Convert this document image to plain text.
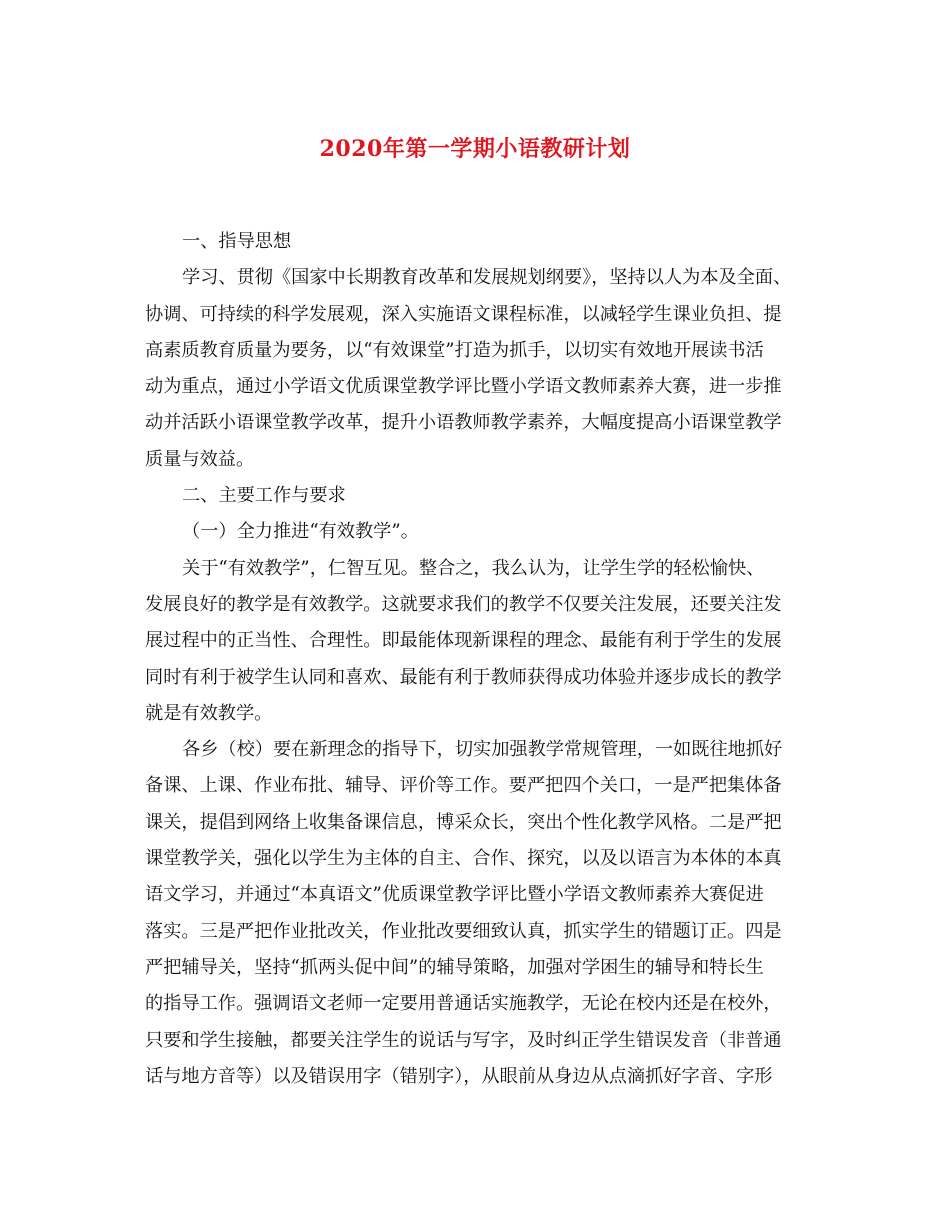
2020年第一学期小语教研计划
一、指导思想
学习、贯彻《国家中长期教育改革和发展规划纲要》，坚持以人为本及全面、
协调、可持续的科学发展观，深入实施语文课程标准，以减轻学生课业负担、提
高素质教育质量为要务，以“有效课堂”打造为抓手，以切实有效地开展读书活
动为重点，通过小学语文优质课堂教学评比暨小学语文教师素养大赛，进一步推
动并活跃小语课堂教学改革，提升小语教师教学素养，大幅度提高小语课堂教学
质量与效益。
二、主要工作与要求
（一）全力推进“有效教学”。
关于“有效教学”，仁智互见。整合之，我么认为，让学生学的轻松愉快、
发展良好的教学是有效教学。这就要求我们的教学不仅要关注发展，还要关注发
展过程中的正当性、合理性。即最能体现新课程的理念、最能有利于学生的发展
同时有利于被学生认同和喜欢、最能有利于教师获得成功体验并逐步成长的教学
就是有效教学。
各乡（校）要在新理念的指导下，切实加强教学常规管理，一如既往地抓好
备课、上课、作业布批、辅导、评价等工作。要严把四个关口，一是严把集体备
课关，提倡到网络上收集备课信息，博采众长，突出个性化教学风格。二是严把
课堂教学关，强化以学生为主体的自主、合作、探究，以及以语言为本体的本真
语文学习，并通过“本真语文”优质课堂教学评比暨小学语文教师素养大赛促进
落实。三是严把作业批改关，作业批改要细致认真，抓实学生的错题订正。四是
严把辅导关，坚持“抓两头促中间”的辅导策略，加强对学困生的辅导和特长生
的指导工作。强调语文老师一定要用普通话实施教学，无论在校内还是在校外，
只要和学生接触，都要关注学生的说话与写字，及时纠正学生错误发音（非普通
话与地方音等）以及错误用字（错别字），从眼前从身边从点滴抓好字音、字形
